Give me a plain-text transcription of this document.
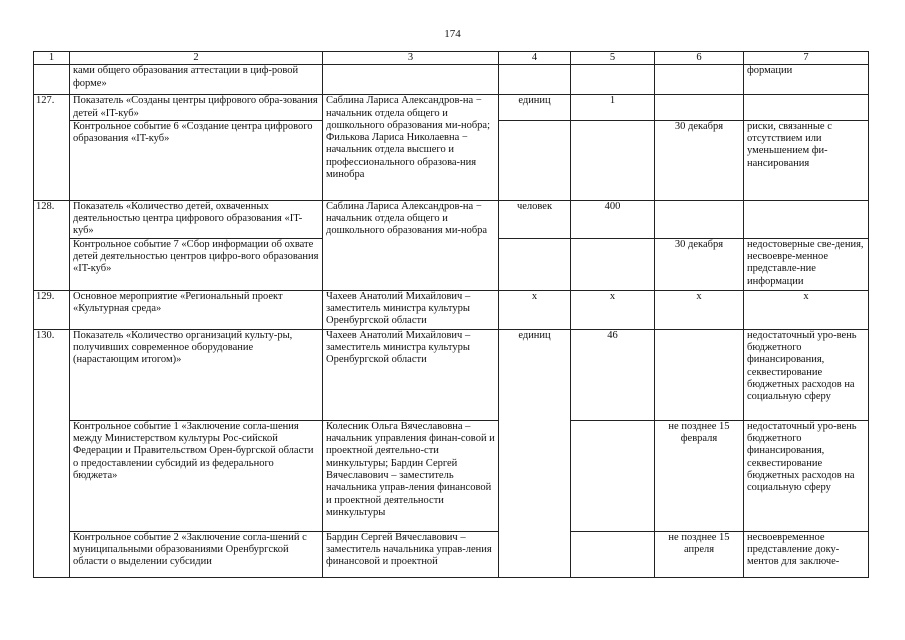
174
1	2	3	4	5	6	7
	ками общего образования аттестации в циф-ровой форме»					формации
127.	Показатель «Созданы центры цифрового обра-зования детей «IT-куб»	Саблина Лариса Александров-на − начальник отдела общего и дошкольного образования ми-нобра; Филькова Лариса Николаевна − начальник отдела высшего и профессионального образова-ния минобра	единиц	1		
	Контрольное событие 6 «Создание центра цифрового образования «IT-куб»				30 декабря	риски, связанные с отсутствием или уменьшением фи-нансирования
128.	Показатель «Количество детей, охваченных деятельностью центра цифрового образования «IT-куб»	Саблина Лариса Александров-на − начальник отдела общего и дошкольного образования ми-нобра	человек	400		
	Контрольное событие 7 «Сбор информации об охвате детей деятельностью центров цифро-вого образования «IT-куб»				30 декабря	недостоверные све-дения, несвоевре-менное представле-ние информации
129.	Основное мероприятие «Региональный проект «Культурная среда»	Чахеев Анатолий Михайлович – заместитель министра культуры Оренбургской области	х	х	х	х
130.	Показатель «Количество организаций культу-ры, получивших современное оборудование (нарастающим итогом)»	Чахеев Анатолий Михайлович – заместитель министра культуры Оренбургской области	единиц	46		недостаточный уро-вень бюджетного финансирования, секвестирование бюджетных расходов на социальную сферу
	Контрольное событие 1 «Заключение согла-шения между Министерством культуры Рос-сийской Федерации и Правительством Орен-бургской области о предоставлении субсидий из федерального бюджета»	Колесник Ольга Вячеславовна – начальник управления финан-совой и проектной деятельно-сти минкультуры; Бардин Сергей Вячеславович – заместитель начальника управ-ления финансовой и проектной деятельности минкультуры			не позднее 15 февраля	недостаточный уро-вень бюджетного финансирования, секвестирование бюджетных расходов на социальную сферу
	Контрольное событие 2 «Заключение согла-шений с муниципальными образованиями Оренбургской области о выделении субсидии	Бардин Сергей Вячеславович – заместитель начальника управ-ления финансовой и проектной			не позднее 15 апреля	несвоевременное представление доку-ментов для заключе-
